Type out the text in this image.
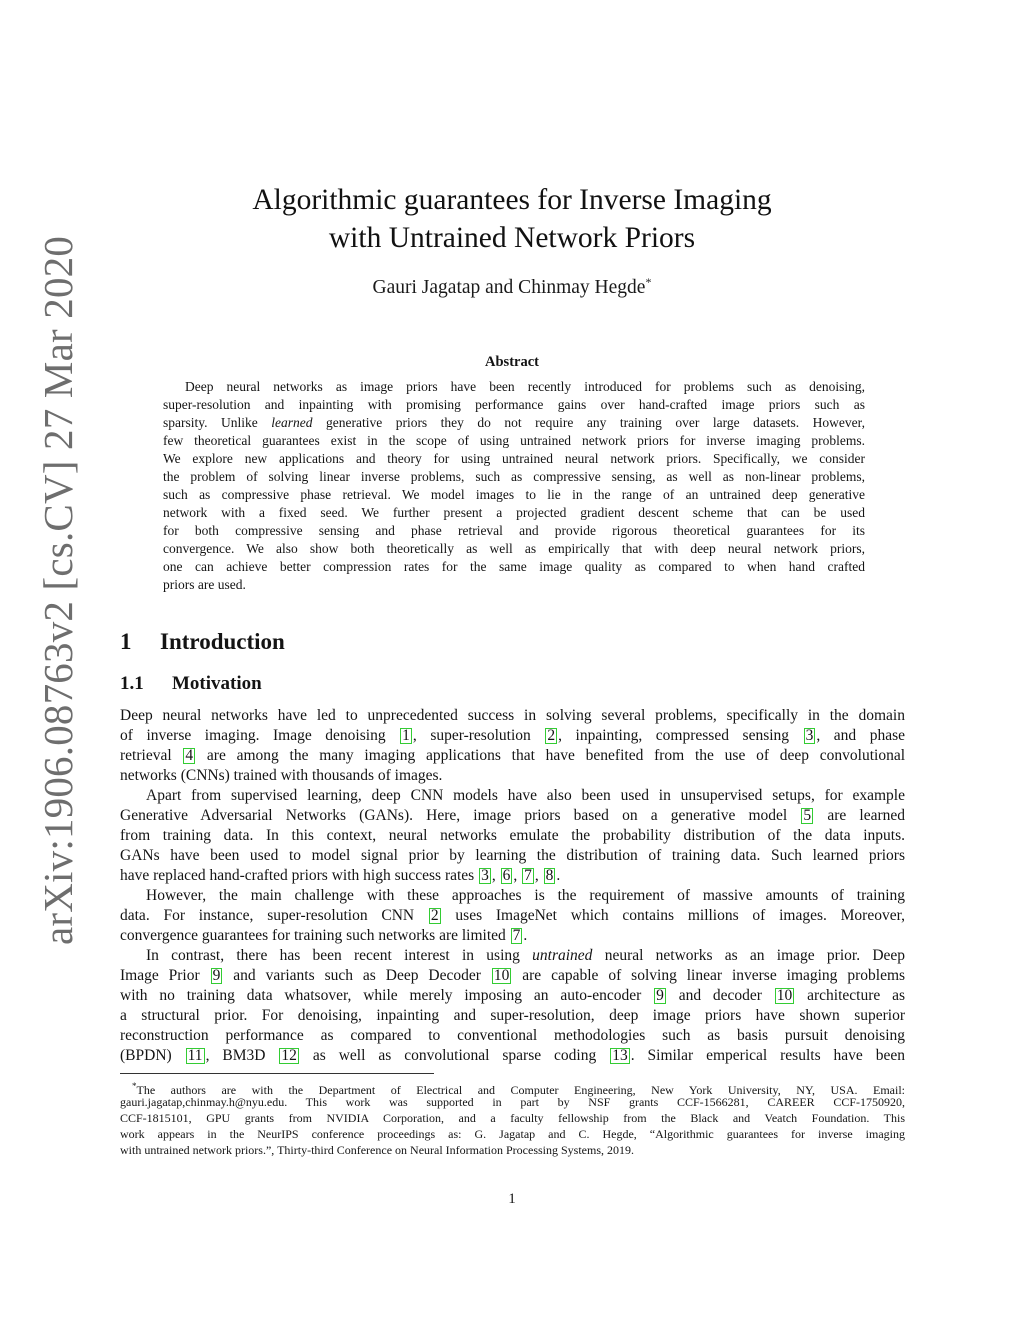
arXiv:1906.08763v2 [cs.CV] 27 Mar 2020
Algorithmic guarantees for Inverse Imaging
with Untrained Network Priors
Gauri Jagatap and Chinmay Hegde*
Abstract
Deep neural networks as image priors have been recently introduced for problems such as denoising,
super-resolution and inpainting with promising performance gains over hand-crafted image priors such as
sparsity. Unlike learned generative priors they do not require any training over large datasets. However,
few theoretical guarantees exist in the scope of using untrained network priors for inverse imaging problems.
We explore new applications and theory for using untrained neural network priors. Specifically, we consider
the problem of solving linear inverse problems, such as compressive sensing, as well as non-linear problems,
such as compressive phase retrieval. We model images to lie in the range of an untrained deep generative
network with a fixed seed. We further present a projected gradient descent scheme that can be used
for both compressive sensing and phase retrieval and provide rigorous theoretical guarantees for its
convergence. We also show both theoretically as well as empirically that with deep neural network priors,
one can achieve better compression rates for the same image quality as compared to when hand crafted
priors are used.
1 Introduction
1.1 Motivation
Deep neural networks have led to unprecedented success in solving several problems, specifically in the domain
of inverse imaging. Image denoising 1 , super-resolution 2 , inpainting, compressed sensing 3 , and phase
retrieval 4 are among the many imaging applications that have benefited from the use of deep convolutional
networks (CNNs) trained with thousands of images.
Apart from supervised learning, deep CNN models have also been used in unsupervised setups, for example
Generative Adversarial Networks (GANs). Here, image priors based on a generative model 5 are learned
from training data. In this context, neural networks emulate the probability distribution of the data inputs.
GANs have been used to model signal prior by learning the distribution of training data. Such learned priors
have replaced hand-crafted priors with high success rates 3 , 6 , 7 , 8 .
However, the main challenge with these approaches is the requirement of massive amounts of training
data. For instance, super-resolution CNN 2 uses ImageNet which contains millions of images. Moreover,
convergence guarantees for training such networks are limited 7 .
In contrast, there has been recent interest in using untrained neural networks as an image prior. Deep
Image Prior 9 and variants such as Deep Decoder 10 are capable of solving linear inverse imaging problems
with no training data whatsover, while merely imposing an auto-encoder 9 and decoder 10 architecture as
a structural prior. For denoising, inpainting and super-resolution, deep image priors have shown superior
reconstruction performance as compared to conventional methodologies such as basis pursuit denoising
(BPDN) 11 , BM3D 12 as well as convolutional sparse coding 13 . Similar emperical results have been
*The authors are with the Department of Electrical and Computer Engineering, New York University, NY, USA. Email:
gauri.jagatap,chinmay.h@nyu.edu. This work was supported in part by NSF grants CCF-1566281, CAREER CCF-1750920,
CCF-1815101, GPU grants from NVIDIA Corporation, and a faculty fellowship from the Black and Veatch Foundation. This
work appears in the NeurIPS conference proceedings as: G. Jagatap and C. Hegde, “Algorithmic guarantees for inverse imaging
with untrained network priors.”, Thirty-third Conference on Neural Information Processing Systems, 2019.
1
